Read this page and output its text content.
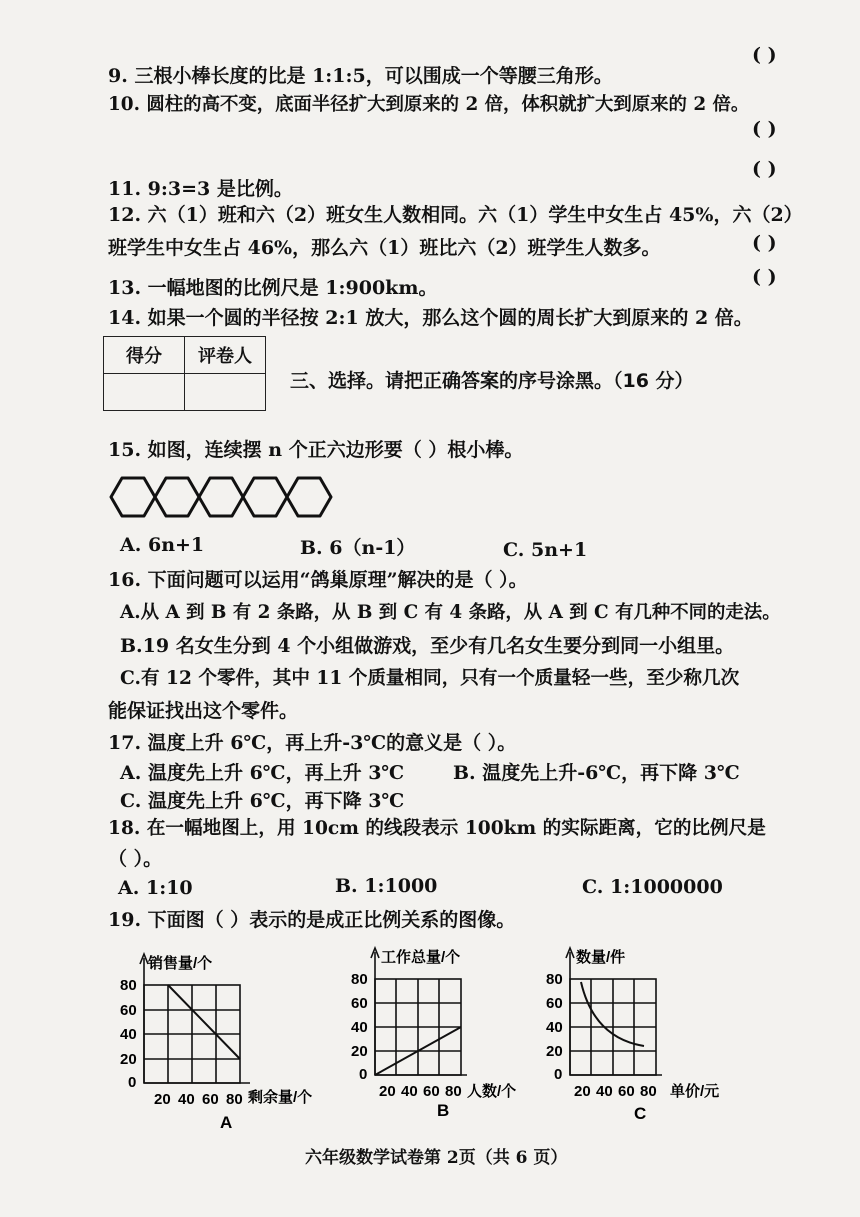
( )
9. 三根小棒长度的比是 1:1:5，可以围成一个等腰三角形。
10. 圆柱的高不变，底面半径扩大到原来的 2 倍，体积就扩大到原来的 2 倍。
( )
( )
11. 9:3=3 是比例。
12. 六（1）班和六（2）班女生人数相同。六（1）学生中女生占 45%，六（2）
班学生中女生占 46%，那么六（1）班比六（2）班学生人数多。	( )
( )
13. 一幅地图的比例尺是 1:900km。
14. 如果一个圆的半径按 2:1 放大，那么这个圆的周长扩大到原来的 2 倍。
得分	评卷人

三、选择。请把正确答案的序号涂黑。（16 分）
15. 如图，连续摆 n 个正六边形要（ ）根小棒。
A. 6n+1	B. 6（n-1）	C. 5n+1
16. 下面问题可以运用“鸽巢原理”解决的是（ ）。
A.从 A 到 B 有 2 条路，从 B 到 C 有 4 条路，从 A 到 C 有几种不同的走法。
B.19 名女生分到 4 个小组做游戏，至少有几名女生要分到同一小组里。
C.有 12 个零件，其中 11 个质量相同，只有一个质量轻一些，至少称几次
能保证找出这个零件。
17. 温度上升 6℃，再上升-3℃的意义是（ ）。
A. 温度先上升 6℃，再上升 3℃	B. 温度先上升-6℃，再下降 3℃
C. 温度先上升 6℃，再下降 3℃
18. 在一幅地图上，用 10cm 的线段表示 100km 的实际距离，它的比例尺是
（ ）。
A. 1:10	B. 1:1000	C. 1:1000000
19. 下面图（ ）表示的是成正比例关系的图像。
销售量/个
80
60
40
20
0
20 40 60 80 剩余量/个
A
工作总量/个
80
60
40
20
0
20 40 60 80 人数/个
B
数量/件
80
60
40
20
0
20 40 60 80 单价/元
C
六年级数学试卷第 2页（共 6 页）
